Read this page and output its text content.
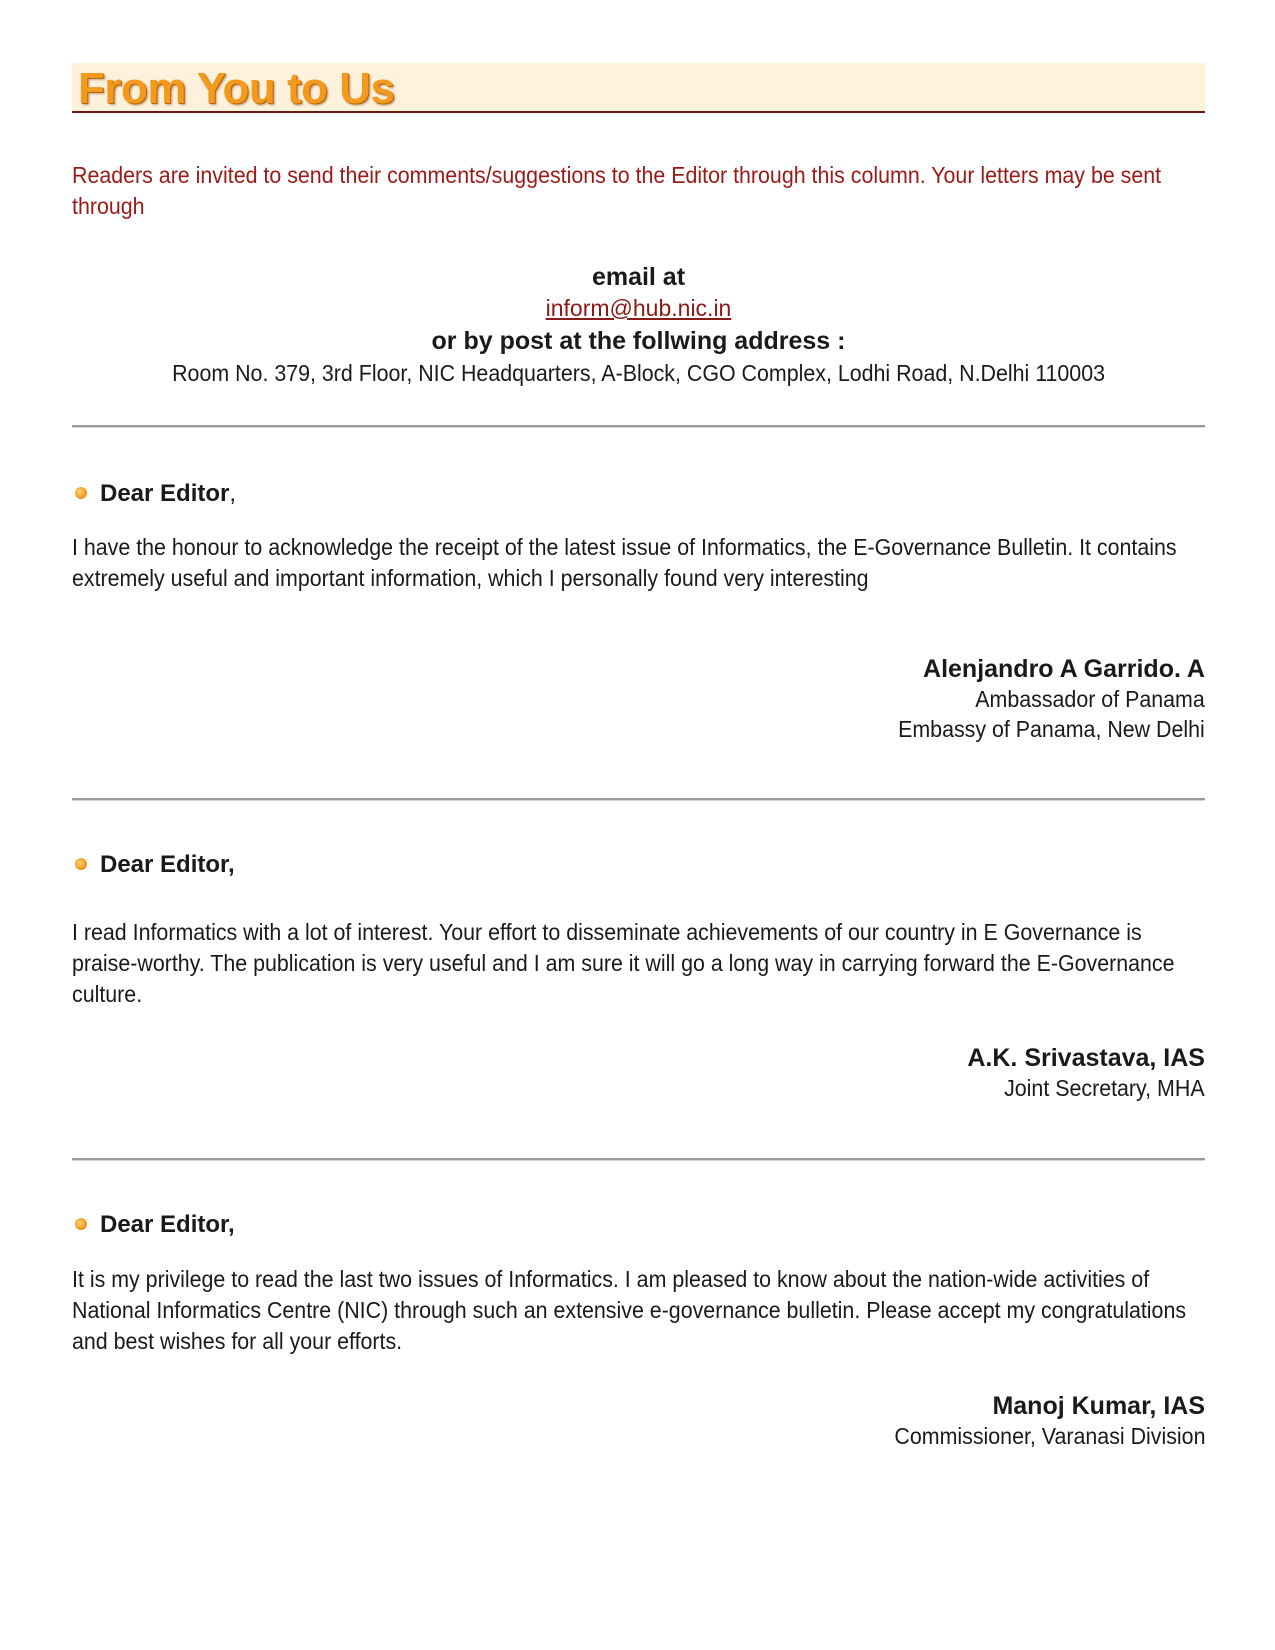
From You to Us
Readers are invited to send their comments/suggestions to the Editor through this column. Your letters may be sent through
email at
inform@hub.nic.in
or by post at the follwing address :
Room No. 379, 3rd Floor, NIC Headquarters, A-Block, CGO Complex, Lodhi Road, N.Delhi 110003
Dear Editor,
I have the honour to acknowledge the receipt of the latest issue of Informatics, the E-Governance Bulletin. It contains extremely useful and important information, which I personally found very interesting
Alenjandro A Garrido. A
Ambassador of Panama
Embassy of Panama, New Delhi
Dear Editor,
I read Informatics with a lot of interest. Your effort to disseminate achievements of our country in E Governance is praise-worthy. The publication is very useful and I am sure it will go a long way in carrying forward the E-Governance culture.
A.K. Srivastava, IAS
Joint Secretary, MHA
Dear Editor,
It is my privilege to read the last two issues of Informatics. I am pleased to know about the nation-wide activities of National Informatics Centre (NIC) through such an extensive e-governance bulletin. Please accept my congratulations and best wishes for all your efforts.
Manoj Kumar, IAS
Commissioner, Varanasi Division
